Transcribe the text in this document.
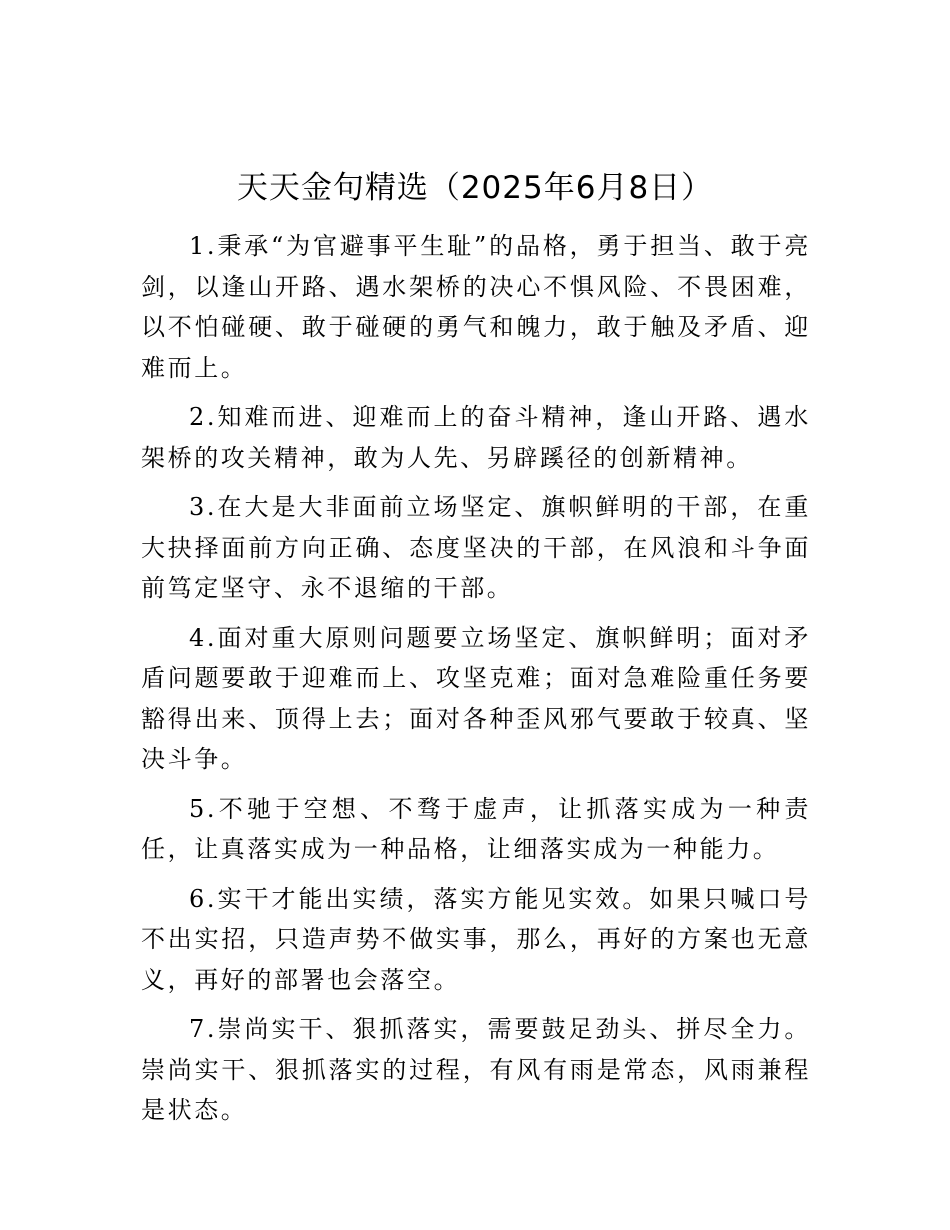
天天金句精选（2025年6月8日）

1.秉承“为官避事平生耻”的品格，勇于担当、敢于亮剑，以逢山开路、遇水架桥的决心不惧风险、不畏困难，以不怕碰硬、敢于碰硬的勇气和魄力，敢于触及矛盾、迎难而上。

2.知难而进、迎难而上的奋斗精神，逢山开路、遇水架桥的攻关精神，敢为人先、另辟蹊径的创新精神。

3.在大是大非面前立场坚定、旗帜鲜明的干部，在重大抉择面前方向正确、态度坚决的干部，在风浪和斗争面前笃定坚守、永不退缩的干部。

4.面对重大原则问题要立场坚定、旗帜鲜明；面对矛盾问题要敢于迎难而上、攻坚克难；面对急难险重任务要豁得出来、顶得上去；面对各种歪风邪气要敢于较真、坚决斗争。

5.不驰于空想、不骛于虚声，让抓落实成为一种责任，让真落实成为一种品格，让细落实成为一种能力。

6.实干才能出实绩，落实方能见实效。如果只喊口号不出实招，只造声势不做实事，那么，再好的方案也无意义，再好的部署也会落空。

7.崇尚实干、狠抓落实，需要鼓足劲头、拼尽全力。崇尚实干、狠抓落实的过程，有风有雨是常态，风雨兼程是状态。
